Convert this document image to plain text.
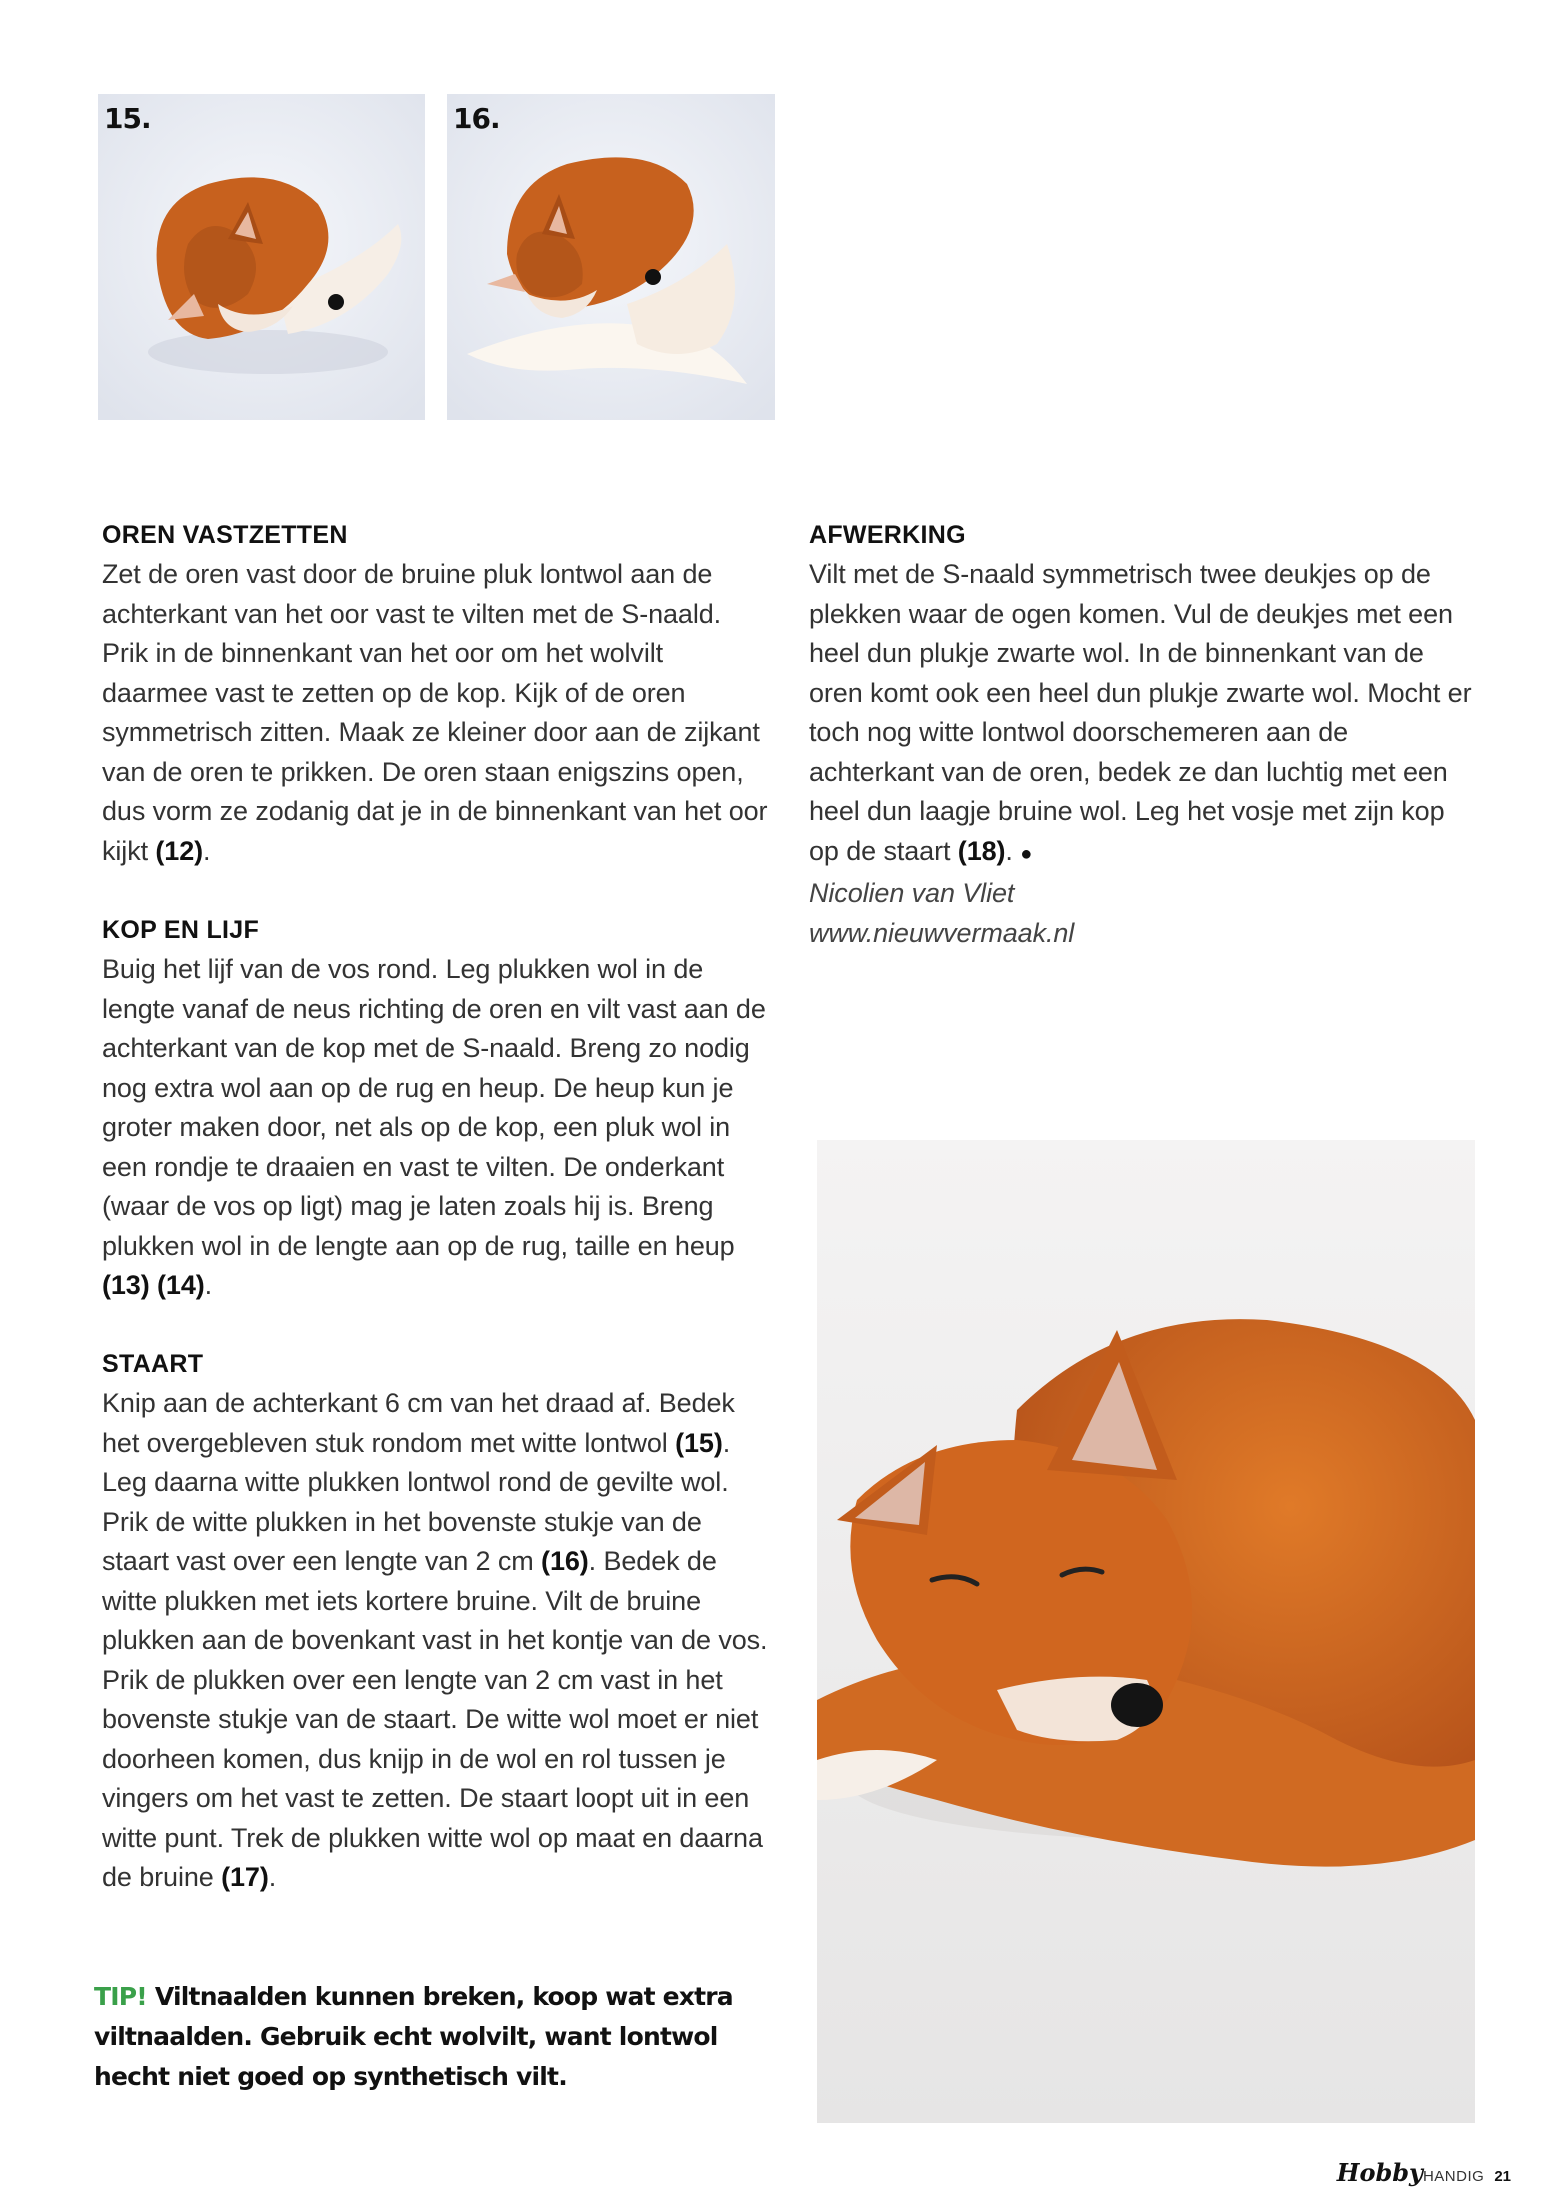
15.	16.
OREN VASTZETTEN

Zet de oren vast door de bruine pluk lontwol aan de achterkant van het oor vast te vilten met de S-naald. Prik in de binnenkant van het oor om het wolvilt daarmee vast te zetten op de kop. Kijk of de oren symmetrisch zitten. Maak ze kleiner door aan de zijkant van de oren te prikken. De oren staan enigszins open, dus vorm ze zodanig dat je in de binnenkant van het oor kijkt (12).

KOP EN LIJF

Buig het lijf van de vos rond. Leg plukken wol in de lengte vanaf de neus richting de oren en vilt vast aan de achterkant van de kop met de S-naald. Breng zo nodig nog extra wol aan op de rug en heup. De heup kun je groter maken door, net als op de kop, een pluk wol in een rondje te draaien en vast te vilten. De onderkant (waar de vos op ligt) mag je laten zoals hij is. Breng plukken wol in de lengte aan op de rug, taille en heup (13) (14).

STAART

Knip aan de achterkant 6 cm van het draad af. Bedek het overgebleven stuk rondom met witte lontwol (15). Leg daarna witte plukken lontwol rond de gevilte wol. Prik de witte plukken in het bovenste stukje van de staart vast over een lengte van 2 cm (16). Bedek de witte plukken met iets kortere bruine. Vilt de bruine plukken aan de bovenkant vast in het kontje van de vos. Prik de plukken over een lengte van 2 cm vast in het bovenste stukje van de staart. De witte wol moet er niet doorheen komen, dus knijp in de wol en rol tussen je vingers om het vast te zetten. De staart loopt uit in een witte punt. Trek de plukken witte wol op maat en daarna de bruine (17).

AFWERKING

Vilt met de S-naald symmetrisch twee deukjes op de plekken waar de ogen komen. Vul de deukjes met een heel dun plukje zwarte wol. In de binnenkant van de oren komt ook een heel dun plukje zwarte wol. Mocht er toch nog witte lontwol doorschemeren aan de achterkant van de oren, bedek ze dan luchtig met een heel dun laagje bruine wol. Leg het vosje met zijn kop op de staart (18). ●
Nicolien van Vliet
www.nieuwvermaak.nl

TIP! Viltnaalden kunnen breken, koop wat extra viltnaalden. Gebruik echt wolvilt, want lontwol hecht niet goed op synthetisch vilt.
HobbyHANDIG 21
